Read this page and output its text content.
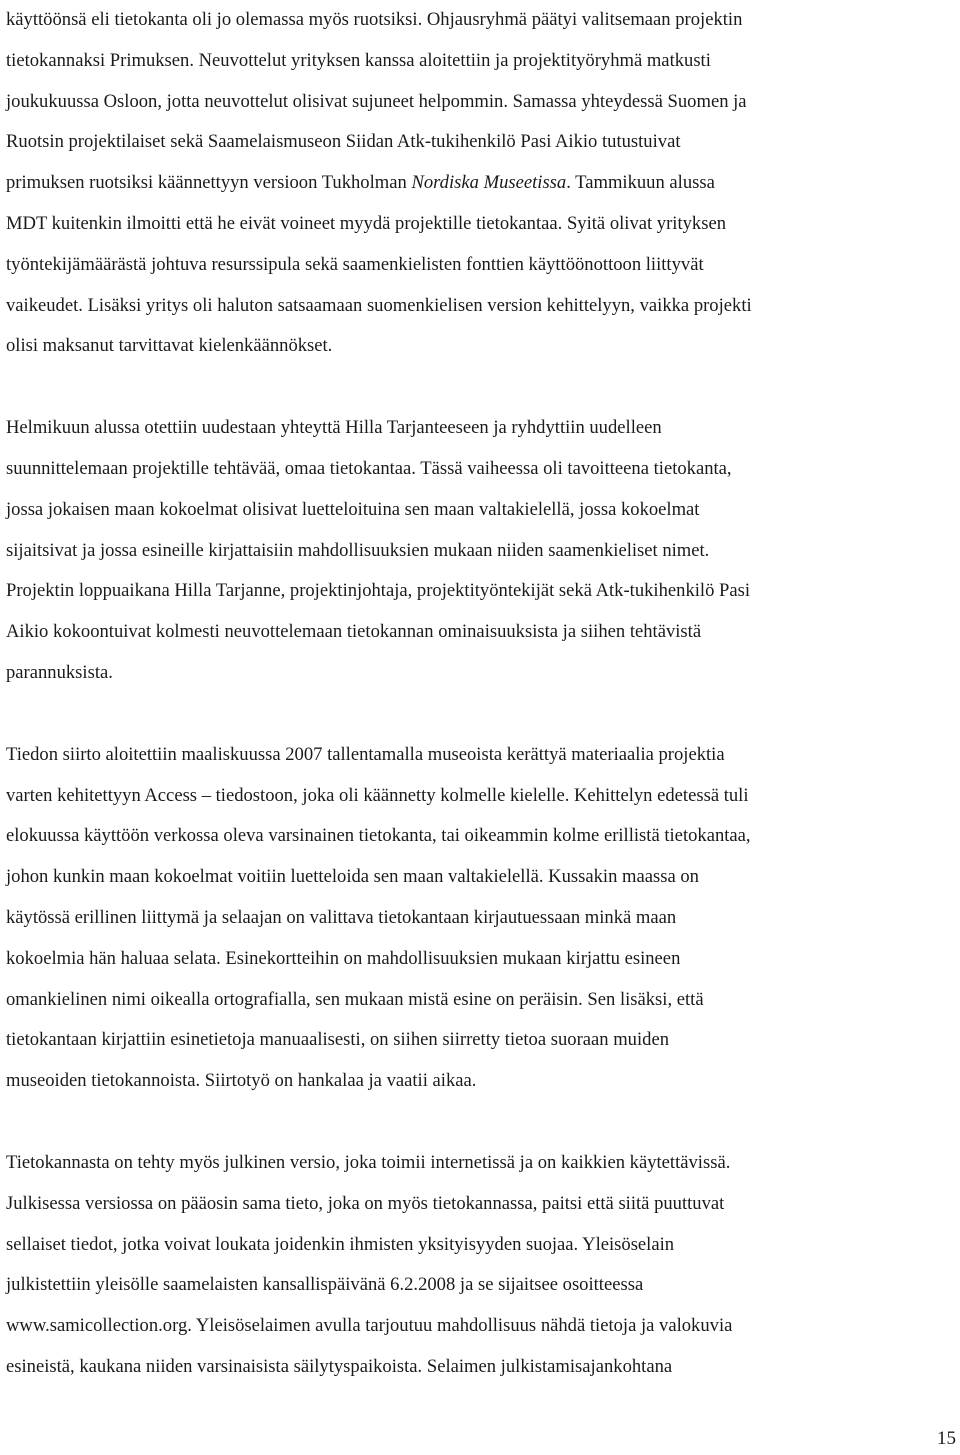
käyttöönsä eli tietokanta oli jo olemassa myös ruotsiksi. Ohjausryhmä päätyi valitsemaan projektin
tietokannaksi Primuksen. Neuvottelut yrityksen kanssa aloitettiin ja projektityöryhmä matkusti
joukukuussa Osloon, jotta neuvottelut olisivat sujuneet helpommin. Samassa yhteydessä Suomen ja
Ruotsin projektilaiset sekä Saamelaismuseon Siidan Atk-tukihenkilö Pasi Aikio tutustuivat
primuksen ruotsiksi käännettyyn versioon Tukholman Nordiska Museetissa. Tammikuun alussa
MDT kuitenkin ilmoitti että he eivät voineet myydä projektille tietokantaa. Syitä olivat yrityksen
työntekijämäärästä johtuva resurssipula sekä saamenkielisten fonttien käyttöönottoon liittyvät
vaikeudet. Lisäksi yritys oli haluton satsaamaan suomenkielisen version kehittelyyn, vaikka projekti
olisi maksanut tarvittavat kielenkäännökset.

Helmikuun alussa otettiin uudestaan yhteyttä Hilla Tarjanteeseen ja ryhdyttiin uudelleen
suunnittelemaan projektille tehtävää, omaa tietokantaa. Tässä vaiheessa oli tavoitteena tietokanta,
jossa jokaisen maan kokoelmat olisivat luetteloituina sen maan valtakielellä, jossa kokoelmat
sijaitsivat ja jossa esineille kirjattaisiin mahdollisuuksien mukaan niiden saamenkieliset nimet.
Projektin loppuaikana Hilla Tarjanne, projektinjohtaja, projektityöntekijät sekä Atk-tukihenkilö Pasi
Aikio kokoontuivat kolmesti neuvottelemaan tietokannan ominaisuuksista ja siihen tehtävistä
parannuksista.

Tiedon siirto aloitettiin maaliskuussa 2007 tallentamalla museoista kerättyä materiaalia projektia
varten kehitettyyn Access – tiedostoon, joka oli käännetty kolmelle kielelle. Kehittelyn edetessä tuli
elokuussa käyttöön verkossa oleva varsinainen tietokanta, tai oikeammin kolme erillistä tietokantaa,
johon kunkin maan kokoelmat voitiin luetteloida sen maan valtakielellä. Kussakin maassa on
käytössä erillinen liittymä ja selaajan on valittava tietokantaan kirjautuessaan minkä maan
kokoelmia hän haluaa selata. Esinekortteihin on mahdollisuuksien mukaan kirjattu esineen
omankielinen nimi oikealla ortografialla, sen mukaan mistä esine on peräisin. Sen lisäksi, että
tietokantaan kirjattiin esinetietoja manuaalisesti, on siihen siirretty tietoa suoraan muiden
museoiden tietokannoista. Siirtotyö on hankalaa ja vaatii aikaa.

Tietokannasta on tehty myös julkinen versio, joka toimii internetissä ja on kaikkien käytettävissä.
Julkisessa versiossa on pääosin sama tieto, joka on myös tietokannassa, paitsi että siitä puuttuvat
sellaiset tiedot, jotka voivat loukata joidenkin ihmisten yksityisyyden suojaa. Yleisöselain
julkistettiin yleisölle saamelaisten kansallispäivänä 6.2.2008 ja se sijaitsee osoitteessa
www.samicollection.org. Yleisöselaimen avulla tarjoutuu mahdollisuus nähdä tietoja ja valokuvia
esineistä, kaukana niiden varsinaisista säilytyspaikoista. Selaimen julkistamisajankohtana

15
